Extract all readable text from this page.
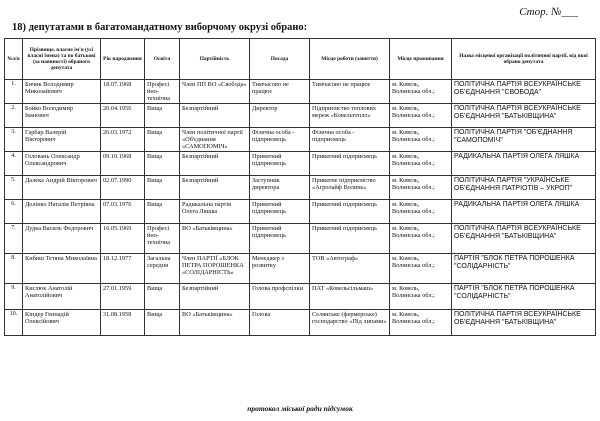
Стор. №___
18) депутатами в багатомандатному виборчому окрузі обрано:
№з/п	Прізвище, власне ім'я (усі власні імена) та по батькові (за наявності) обраного депутата	Рік народження	Освіта	Партійність	Посада	Місце роботи (заняття)	Місце проживання	Назва місцевої організації політичної партії, від якої обрано депутата
1.	Бичик Володимир Миколайович	18.07.1968	Професі йно-технічна	Член ПП ВО «Свобода»	Тимчасово не працює	Тимчасово не працює	м. Ковель, Волинська обл.;	ПОЛІТИЧНА ПАРТІЯ ВСЕУКРАЇНСЬКЕ ОБ'ЄДНАННЯ "СВОБОДА"
2.	Бойко Володимир Іванович	20.04.1956	Вища	Безпартійний	Директор	Підприємство теплових мереж «Ковельтепло»	м. Ковель, Волинська обл.;	ПОЛІТИЧНА ПАРТІЯ ВСЕУКРАЇНСЬКЕ ОБ'ЄДНАННЯ "БАТЬКІВЩИНА"
3.	Гарбар Валерій Вікторович	26.03.1972	Вища	Член політичної партії «Об'єднання «САМОПОМІЧ»	Фізична особа - підприємець	Фізична особа - підприємець	м. Ковель, Волинська обл.;	ПОЛІТИЧНА ПАРТІЯ "ОБ'ЄДНАННЯ "САМОПОМІЧ"
4.	Головань Олександр Олександрович	09.10.1968	Вища	Безпартійний	Приватний підприємець	Приватний підприємець	м. Ковель, Волинська обл.;	РАДИКАЛЬНА ПАРТІЯ ОЛЕГА ЛЯШКА
5.	Далека Андрій Вікторович	02.07.1990	Вища	Безпартійний	Заступник директора	Приватне підприємство «Агролайф Волинь»	м. Ковель, Волинська обл.;	ПОЛІТИЧНА ПАРТІЯ "УКРАЇНСЬКЕ ОБ'ЄДНАННЯ ПАТРІОТІВ – УКРОП"
6.	Долінко Наталія Петрівна	07.03.1976	Вища	Радикальна партія Олега Ляшка	Приватний підприємець	Приватний підприємець	м. Ковель, Волинська обл.;	РАДИКАЛЬНА ПАРТІЯ ОЛЕГА ЛЯШКА
7.	Дудка Василь Федорович	16.05.1969	Професі йно-технічна	ВО «Батьківщина»	Приватний підприємець	Приватний підприємець	м. Ковель, Волинська обл.;	ПОЛІТИЧНА ПАРТІЯ ВСЕУКРАЇНСЬКЕ ОБ'ЄДНАННЯ "БАТЬКІВЩИНА"
8.	Кибиш Тетяна Миколаївна	18.12.1977	Загальна середня	Член ПАРТІЇ «БЛОК ПЕТРА ПОРОШЕНКА «СОЛІДАРНІСТЬ»	Менеджер з розвитку	ТОВ «Автограф»	м. Ковель, Волинська обл.;	ПАРТІЯ "БЛОК ПЕТРА ПОРОШЕНКА "СОЛІДАРНІСТЬ"
9.	Кислюк Анатолій Анатолійович	27.01.1959	Вища	Безпартійний	Голова профспілки	ПАТ «Ковельсільмаш»	м. Ковель, Волинська обл.;	ПАРТІЯ "БЛОК ПЕТРА ПОРОШЕНКА "СОЛІДАРНІСТЬ"
10.	Кіндер Геннадій Олексійович	31.08.1958	Вища	ВО «Батьківщина»	Голова	Селянське (фермерське) господарство «Під липами»	м. Ковель, Волинська обл.;	ПОЛІТИЧНА ПАРТІЯ ВСЕУКРАЇНСЬКЕ ОБ'ЄДНАННЯ "БАТЬКІВЩИНА"
протокол міської ради підсумок
